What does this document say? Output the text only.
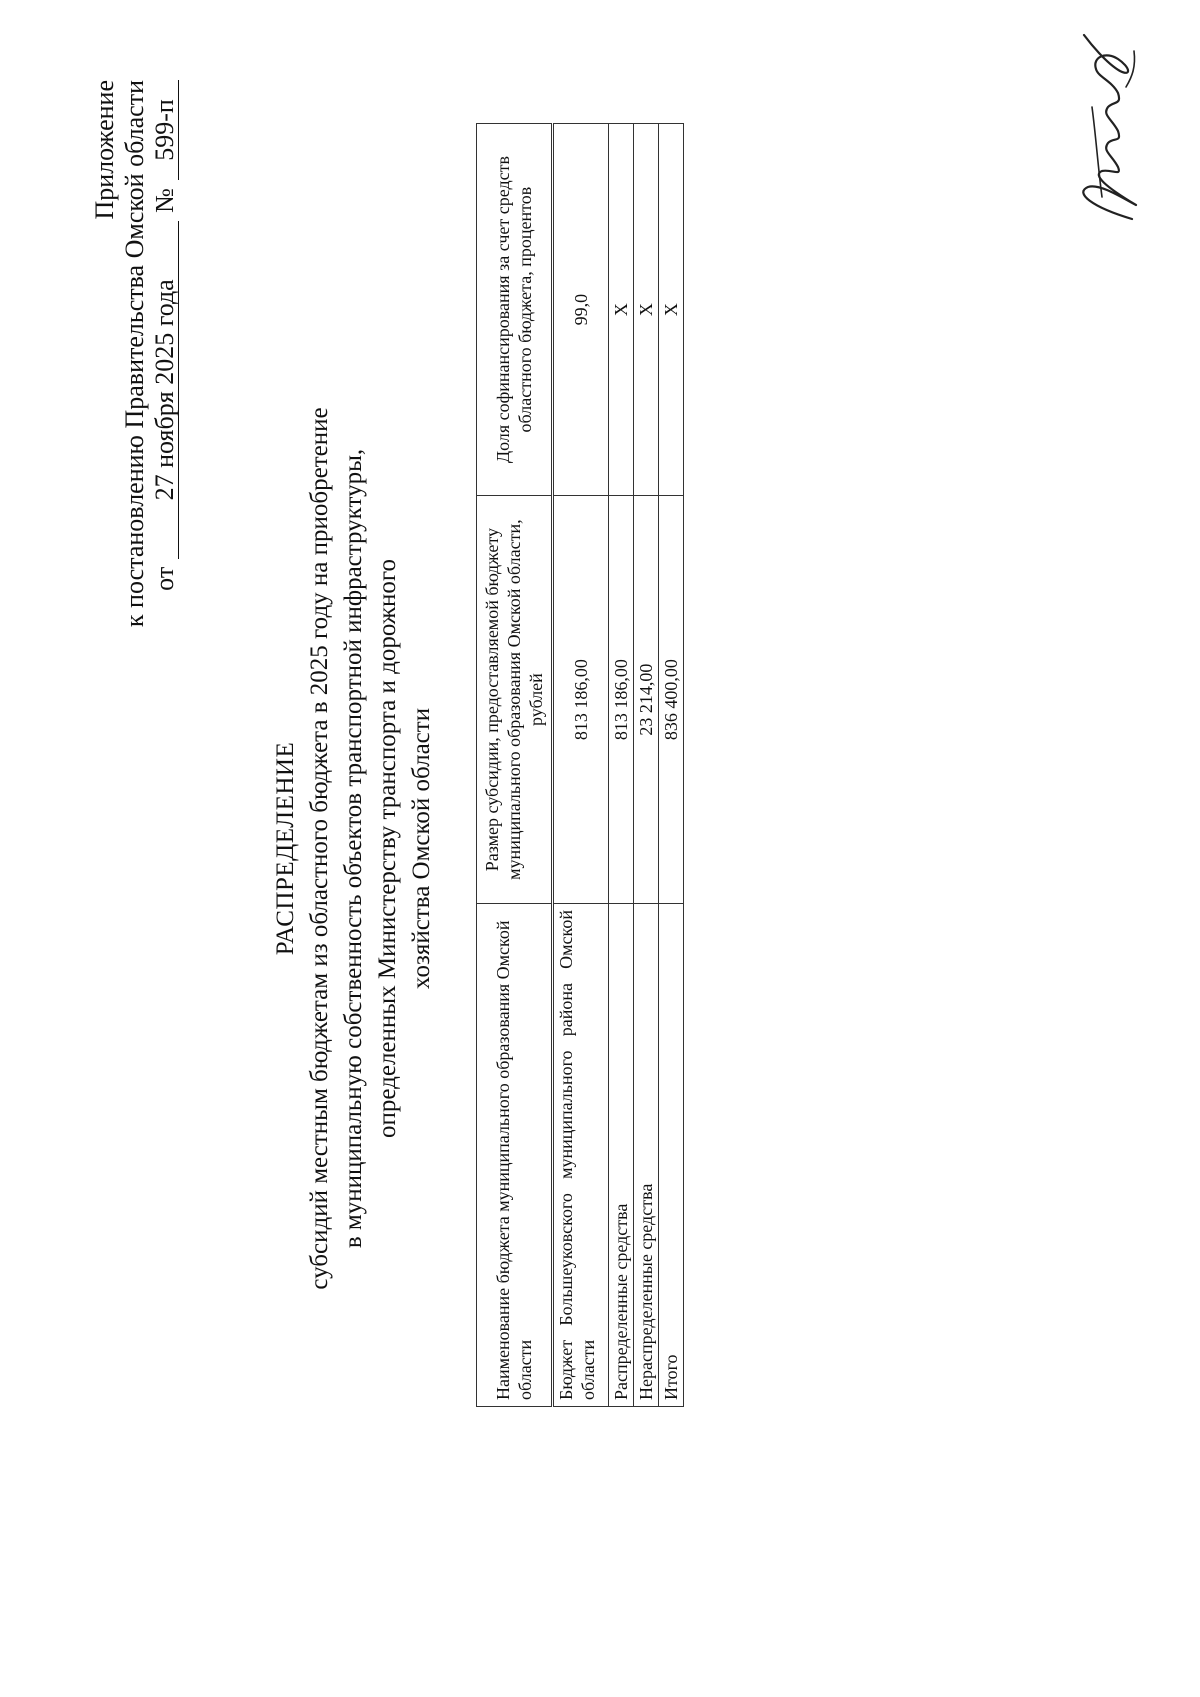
Приложение к постановлению Правительства Омской области от
27 ноября 2025 года
№
599-п
РАСПРЕДЕЛЕНИЕ субсидий местным бюджетам из областного бюджета в 2025 году на приобретение в муниципальную собственность объектов транспортной инфраструктуры, определенных Министерству транспорта и дорожного хозяйства Омской области
Наименование бюджета муниципального образования Омской области	Размер субсидии, предоставляемой бюджету муниципального образования Омской области, рублей	Доля софинансирования за счет средств областного бюджета, процентов

Бюджет Большеуковского муниципального района Омской области	813 186,00	99,0
Распределенные средства	813 186,00	X
Нераспределенные средства	23 214,00	X
Итого	836 400,00	X
